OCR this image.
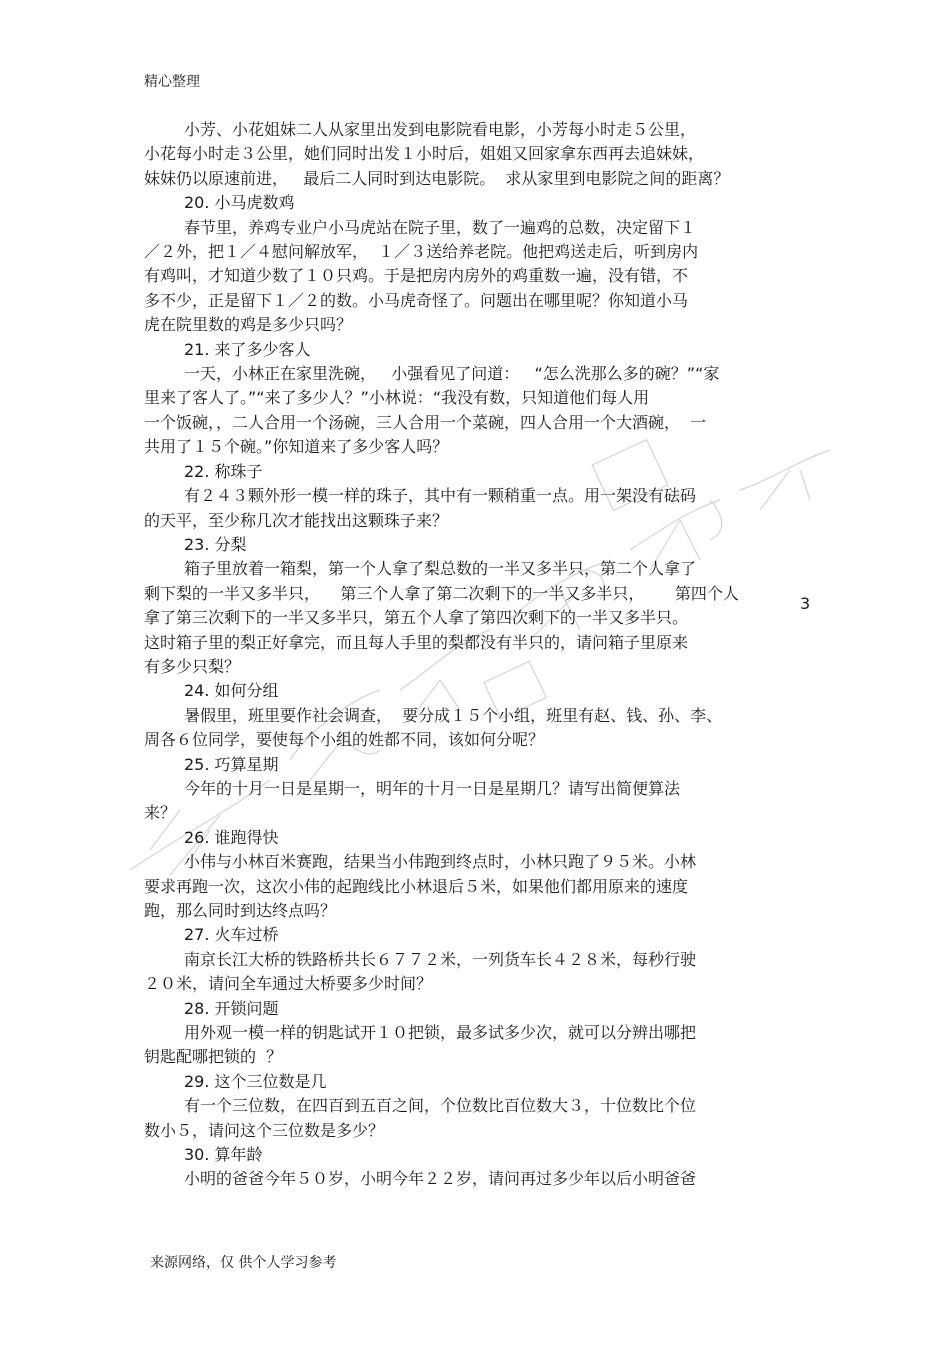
精心整理

小芳、小花姐妹二人从家里出发到电影院看电影，小芳每小时走５公里，
小花每小时走３公里，她们同时出发１小时后，姐姐又回家拿东西再去追妹妹，
妹妹仍以原速前进，   最后二人同时到达电影院。  求从家里到电影院之间的距离？

20. 小马虎数鸡

春节里，养鸡专业户小马虎站在院子里，数了一遍鸡的总数，决定留下１
／２外，把１／４慰问解放军，  １／３送给养老院。他把鸡送走后，听到房内
有鸡叫，才知道少数了１０只鸡。于是把房内房外的鸡重数一遍，没有错，不
多不少，正是留下１／２的数。小马虎奇怪了。问题出在哪里呢？你知道小马
虎在院里数的鸡是多少只吗？

21. 来了多少客人

一天，小林正在家里洗碗，   小强看见了问道：   “怎么洗那么多的碗？”“家
里来了客人了。”“来了多少人？”小林说：“我没有数，只知道他们每人用
一个饭碗，，二人合用一个汤碗，三人合用一个菜碗，四人合用一个大酒碗，  一
共用了１５个碗。”你知道来了多少客人吗？

22. 称珠子

有２４３颗外形一模一样的珠子，其中有一颗稍重一点。用一架没有砝码
的天平，至少称几次才能找出这颗珠子来？

23. 分梨

箱子里放着一箱梨，第一个人拿了梨总数的一半又多半只，第二个人拿了
剩下梨的一半又多半只，    第三个人拿了第二次剩下的一半又多半只，      第四个人
拿了第三次剩下的一半又多半只，第五个人拿了第四次剩下的一半又多半只。
这时箱子里的梨正好拿完，而且每人手里的梨都没有半只的，请问箱子里原来
有多少只梨？

24. 如何分组

暑假里，班里要作社会调查，  要分成１５个小组，班里有赵、钱、孙、李、
周各６位同学，要使每个小组的姓都不同，该如何分呢？

25. 巧算星期

今年的十月一日是星期一，明年的十月一日是星期几？请写出简便算法
来？

26. 谁跑得快

小伟与小林百米赛跑，结果当小伟跑到终点时，小林只跑了９５米。小林
要求再跑一次，这次小伟的起跑线比小林退后５米，如果他们都用原来的速度
跑，那么同时到达终点吗？

27. 火车过桥

南京长江大桥的铁路桥共长６７７２米，一列货车长４２８米，每秒行驶
２０米，请问全车通过大桥要多少时间？

28. 开锁问题

用外观一模一样的钥匙试开１０把锁，最多试多少次，就可以分辨出哪把
钥匙配哪把锁的  ？

29. 这个三位数是几

有一个三位数，在四百到五百之间，个位数比百位数大３，十位数比个位
数小５，请问这个三位数是多少？

30. 算年龄

小明的爸爸今年５０岁，小明今年２２岁，请问再过多少年以后小明爸爸

3
来源网络，仅 供个人学习参考
